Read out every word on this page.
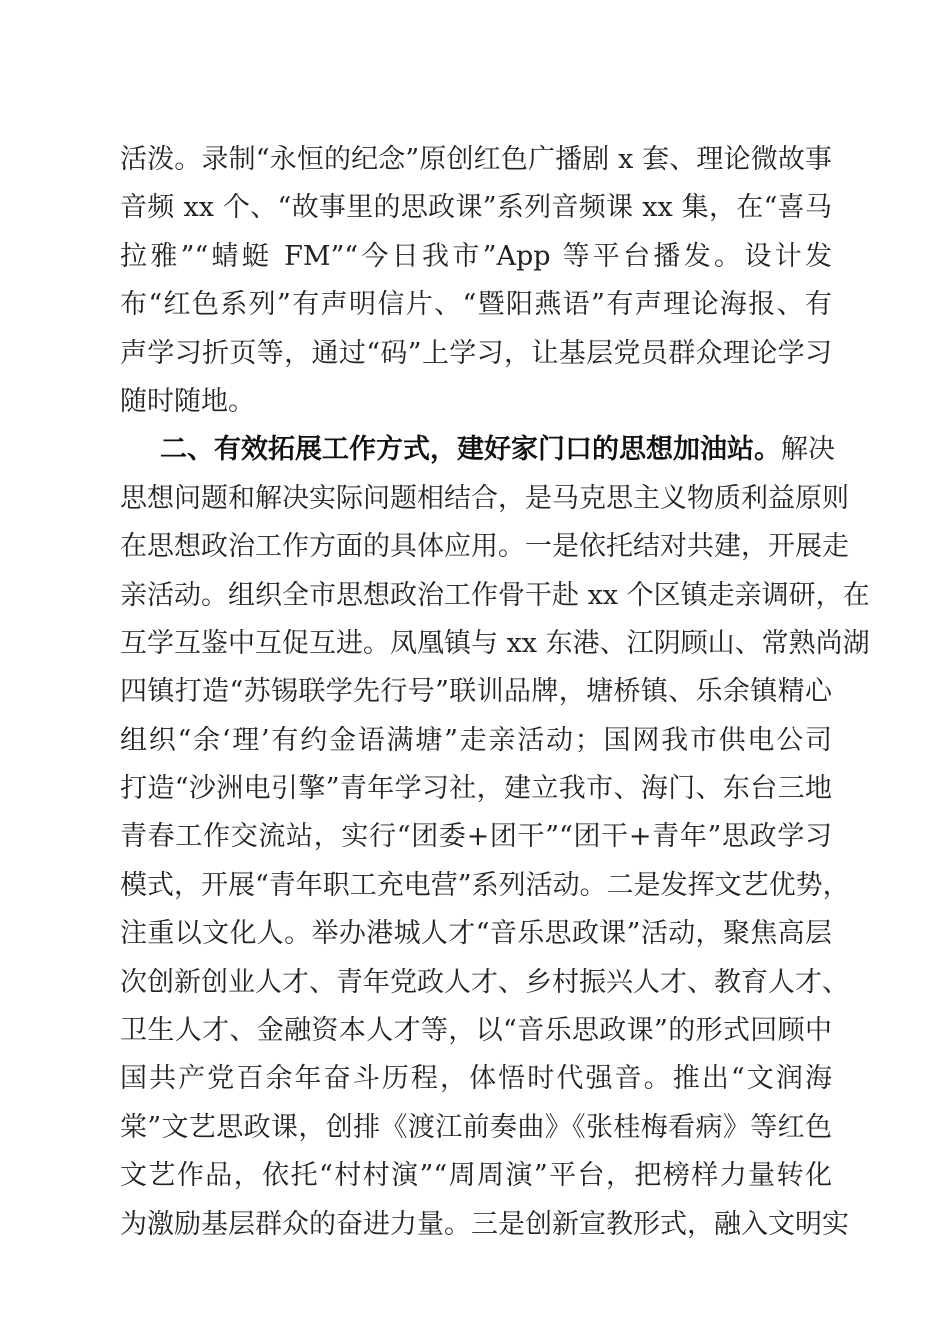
活泼。录制“永恒的纪念”原创红色广播剧 x 套、理论微故事
音频 xx 个、“故事里的思政课”系列音频课 xx 集，在“喜马
拉雅”“蜻蜓 FM”“今日我市”App 等平台播发。设计发
布“红色系列”有声明信片、“暨阳燕语”有声理论海报、有
声学习折页等，通过“码”上学习，让基层党员群众理论学习
随时随地。
二、有效拓展工作方式，建好家门口的思想加油站。解决
思想问题和解决实际问题相结合，是马克思主义物质利益原则
在思想政治工作方面的具体应用。一是依托结对共建，开展走
亲活动。组织全市思想政治工作骨干赴 xx 个区镇走亲调研，在
互学互鉴中互促互进。凤凰镇与 xx 东港、江阴顾山、常熟尚湖
四镇打造“苏锡联学先行号”联训品牌，塘桥镇、乐余镇精心
组织“余‘理’有约金语满塘”走亲活动；国网我市供电公司
打造“沙洲电引擎”青年学习社，建立我市、海门、东台三地
青春工作交流站，实行“团委+团干”“团干+青年”思政学习
模式，开展“青年职工充电营”系列活动。二是发挥文艺优势，
注重以文化人。举办港城人才“音乐思政课”活动，聚焦高层
次创新创业人才、青年党政人才、乡村振兴人才、教育人才、
卫生人才、金融资本人才等，以“音乐思政课”的形式回顾中
国共产党百余年奋斗历程，体悟时代强音。推出“文润海
棠”文艺思政课，创排《渡江前奏曲》《张桂梅看病》等红色
文艺作品，依托“村村演”“周周演”平台，把榜样力量转化
为激励基层群众的奋进力量。三是创新宣教形式，融入文明实
